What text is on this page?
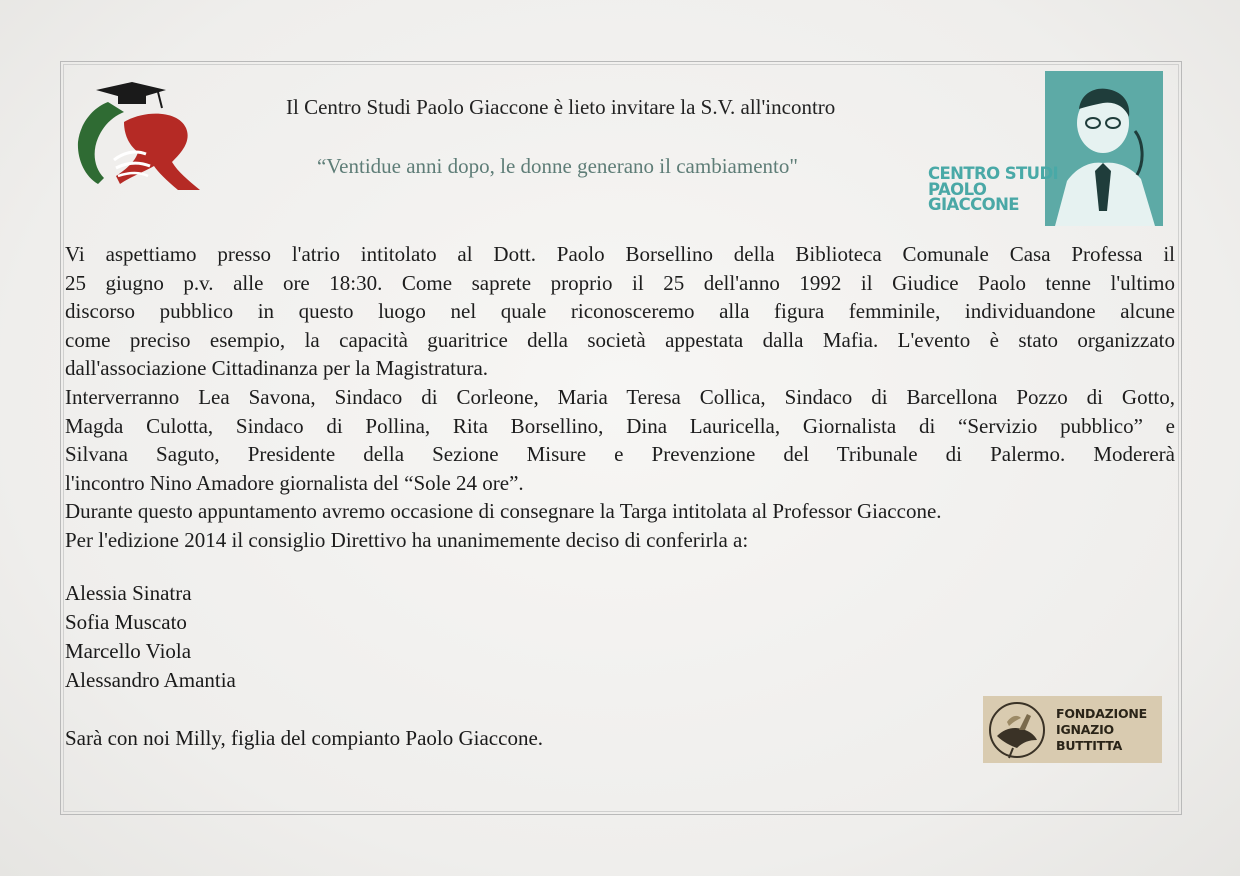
Il Centro Studi Paolo Giaccone è lieto invitare la S.V. all'incontro
“Ventidue anni dopo, le donne generano il cambiamento"	CENTRO STUDI
PAOLO
GIACCONE
Vi aspettiamo presso l'atrio intitolato al Dott. Paolo Borsellino della Biblioteca Comunale Casa Professa il
25 giugno p.v. alle ore 18:30. Come saprete proprio il 25 dell'anno 1992 il Giudice Paolo tenne l'ultimo
discorso pubblico in questo luogo nel quale riconosceremo alla figura femminile, individuandone alcune
come preciso esempio, la capacità guaritrice della società appestata dalla Mafia. L'evento è stato organizzato
dall'associazione Cittadinanza per la Magistratura.
Interverranno Lea Savona, Sindaco di Corleone, Maria Teresa Collica, Sindaco di Barcellona Pozzo di Gotto,
Magda Culotta, Sindaco di Pollina, Rita Borsellino, Dina Lauricella, Giornalista di “Servizio pubblico” e
Silvana Saguto, Presidente della Sezione Misure e Prevenzione del Tribunale di Palermo. Modererà
l'incontro Nino Amadore giornalista del “Sole 24 ore”.
Durante questo appuntamento avremo occasione di consegnare la Targa intitolata al Professor Giaccone.
Per l'edizione 2014 il consiglio Direttivo ha unanimemente deciso di conferirla a:
Alessia Sinatra
Sofia Muscato
Marcello Viola
Alessandro Amantia
Sarà con noi Milly, figlia del compianto Paolo Giaccone.
FONDAZIONE
IGNAZIO
BUTTITTA
